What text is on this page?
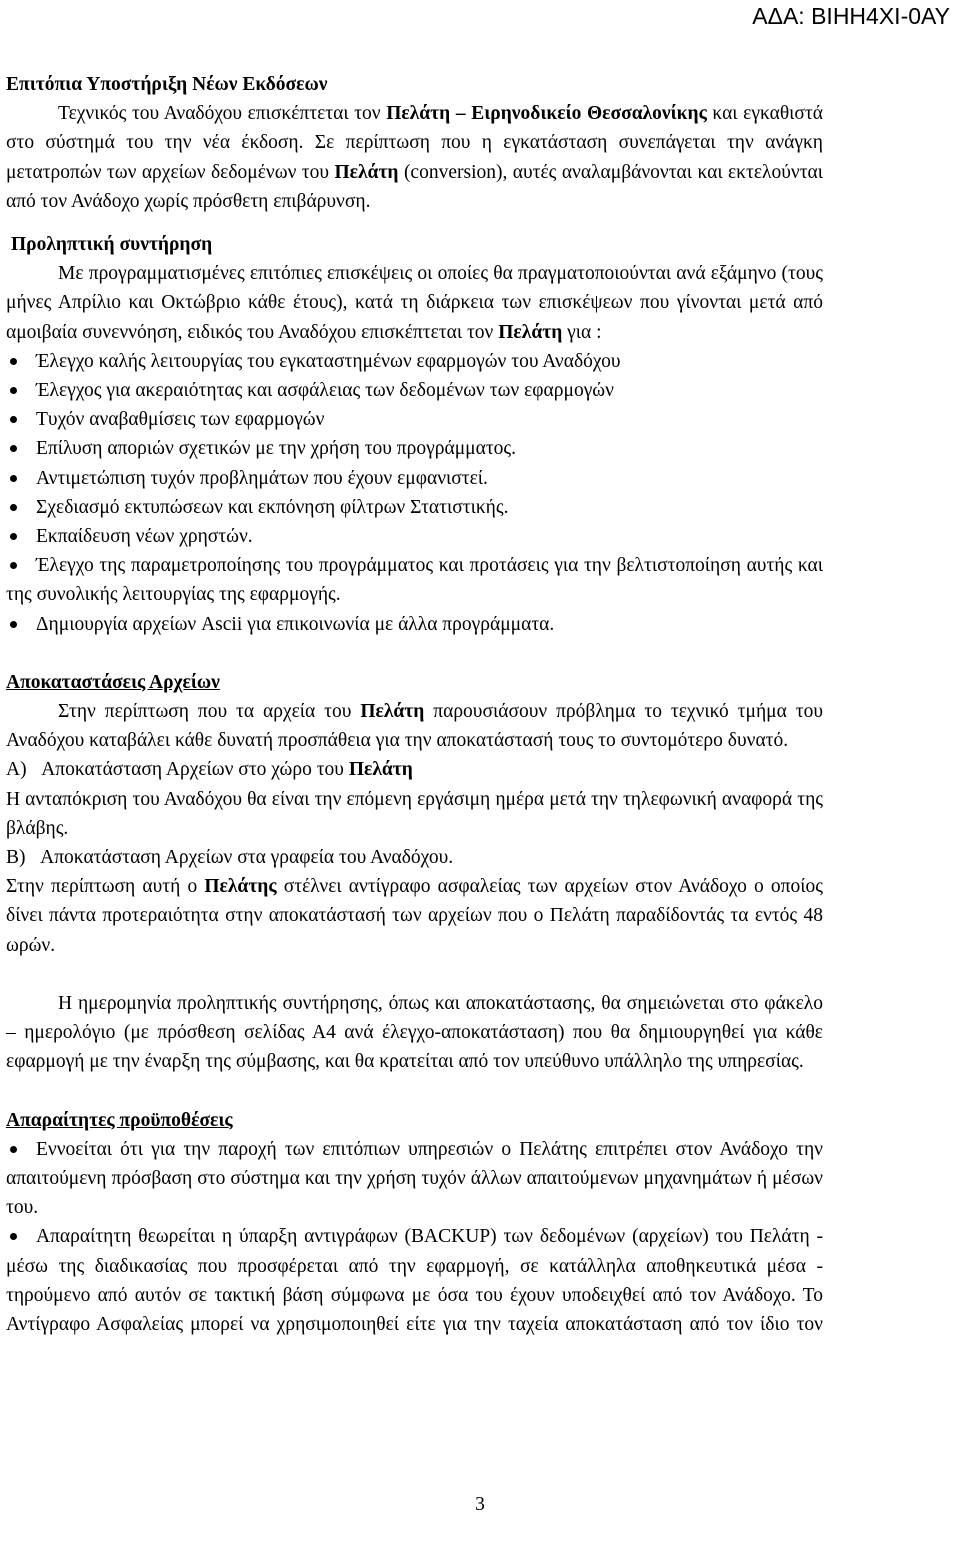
ΑΔΑ: ΒΙΗΗ4ΧΙ-0ΑΥ

Επιτόπια Υποστήριξη Νέων Εκδόσεων

Τεχνικός του Αναδόχου επισκέπτεται τον Πελάτη – Ειρηνοδικείο Θεσσαλονίκης και εγκαθιστά στο σύστημά του την νέα έκδοση. Σε περίπτωση που η εγκατάσταση συνεπάγεται την ανάγκη μετατροπών των αρχείων δεδομένων του Πελάτη (conversion), αυτές αναλαμβάνονται και εκτελούνται από τον Ανάδοχο χωρίς πρόσθετη επιβάρυνση.

Προληπτική συντήρηση

Με προγραμματισμένες επιτόπιες επισκέψεις οι οποίες θα πραγματοποιούνται ανά εξάμηνο (τους μήνες Απρίλιο και Οκτώβριο κάθε έτους), κατά τη διάρκεια των επισκέψεων που γίνονται μετά από αμοιβαία συνεννόηση, ειδικός του Αναδόχου επισκέπτεται τον Πελάτη για :

Έλεγχο καλής λειτουργίας του εγκαταστημένων εφαρμογών του Αναδόχου
Έλεγχος για ακεραιότητας και ασφάλειας των δεδομένων των εφαρμογών
Τυχόν αναβαθμίσεις των εφαρμογών
Επίλυση αποριών σχετικών με την χρήση του προγράμματος.
Αντιμετώπιση τυχόν προβλημάτων που έχουν εμφανιστεί.
Σχεδιασμό εκτυπώσεων και εκπόνηση φίλτρων Στατιστικής.
Εκπαίδευση νέων χρηστών.
Έλεγχο της παραμετροποίησης του προγράμματος και προτάσεις για την βελτιστοποίηση αυτής και της συνολικής λειτουργίας της εφαρμογής.
Δημιουργία αρχείων Ascii για επικοινωνία με άλλα προγράμματα.

Αποκαταστάσεις Αρχείων

Στην περίπτωση που τα αρχεία του Πελάτη παρουσιάσουν πρόβλημα το τεχνικό τμήμα του Αναδόχου καταβάλει κάθε δυνατή προσπάθεια για την αποκατάστασή τους το συντομότερο δυνατό.

Α) Αποκατάσταση Αρχείων στο χώρο του Πελάτη

Η ανταπόκριση του Αναδόχου θα είναι την επόμενη εργάσιμη ημέρα μετά την τηλεφωνική αναφορά της βλάβης.

Β) Αποκατάσταση Αρχείων στα γραφεία του Αναδόχου.

Στην περίπτωση αυτή ο Πελάτης στέλνει αντίγραφο ασφαλείας των αρχείων στον Ανάδοχο ο οποίος δίνει πάντα προτεραιότητα στην αποκατάστασή των αρχείων που ο Πελάτη παραδίδοντάς τα εντός 48 ωρών.

Η ημερομηνία προληπτικής συντήρησης, όπως και αποκατάστασης, θα σημειώνεται στο φάκελο – ημερολόγιο (με πρόσθεση σελίδας Α4 ανά έλεγχο-αποκατάσταση) που θα δημιουργηθεί για κάθε εφαρμογή με την έναρξη της σύμβασης, και θα κρατείται από τον υπεύθυνο υπάλληλο της υπηρεσίας.

Απαραίτητες προϋποθέσεις

Εννοείται ότι για την παροχή των επιτόπιων υπηρεσιών ο Πελάτης επιτρέπει στον Ανάδοχο την απαιτούμενη πρόσβαση στο σύστημα και την χρήση τυχόν άλλων απαιτούμενων μηχανημάτων ή μέσων του.
Απαραίτητη θεωρείται η ύπαρξη αντιγράφων (BACKUP) των δεδομένων (αρχείων) του Πελάτη - μέσω της διαδικασίας που προσφέρεται από την εφαρμογή, σε κατάλληλα αποθηκευτικά μέσα - τηρούμενο από αυτόν σε τακτική βάση σύμφωνα με όσα του έχουν υποδειχθεί από τον Ανάδοχο. Το Αντίγραφο Ασφαλείας μπορεί να χρησιμοποιηθεί είτε για την ταχεία αποκατάσταση από τον ίδιο τον
3
